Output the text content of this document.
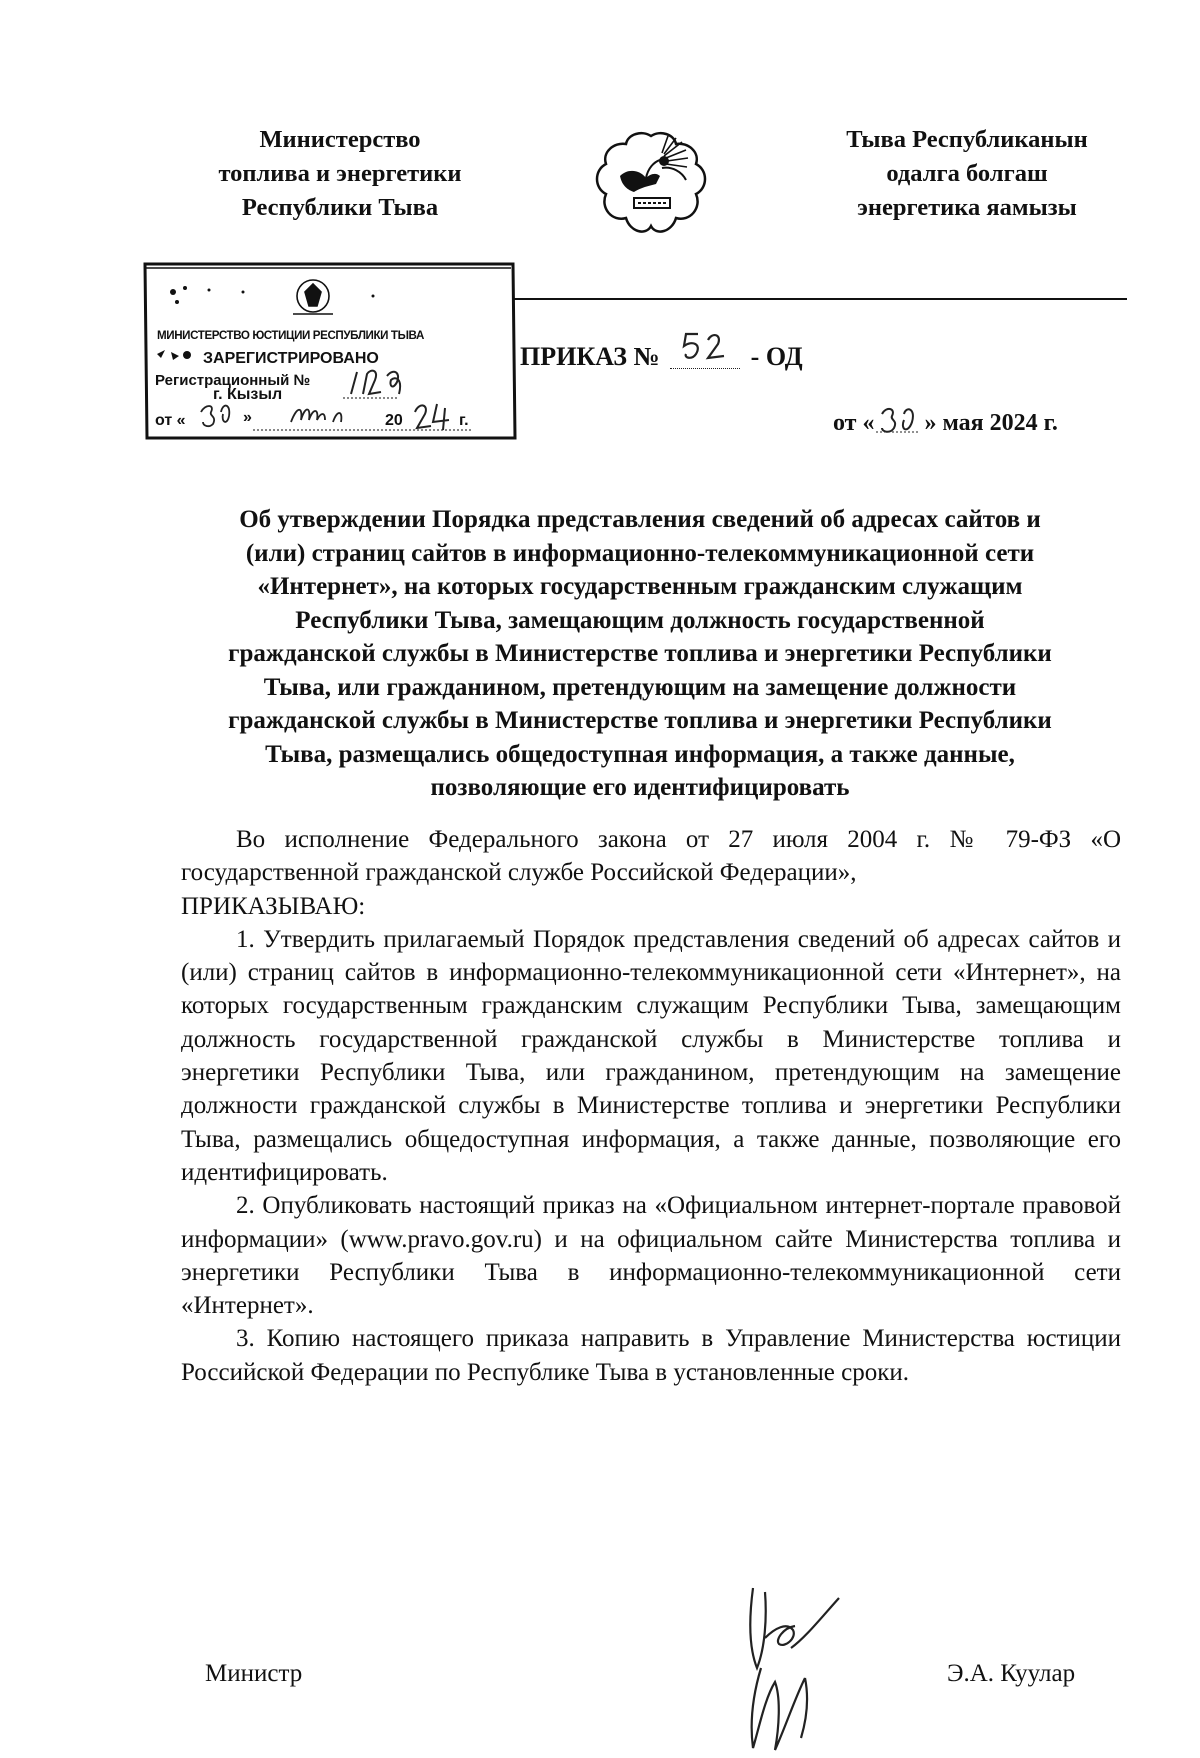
Министерство
топлива и энергетики
Республики Тыва
Тыва Республиканын
одалга болгаш
энергетика яамызы
МИНИСТЕРСТВО ЮСТИЦИИ РЕСПУБЛИКИ ТЫВА
ЗАРЕГИСТРИРОВАНО
Регистрационный №
г. Кызыл
от «	»	20	г.
ПРИКАЗ №	- ОД
от « » мая 2024 г.
Об утверждении Порядка представления сведений об адресах сайтов и
(или) страниц сайтов в информационно-телекоммуникационной сети
«Интернет», на которых государственным гражданским служащим
Республики Тыва, замещающим должность государственной
гражданской службы в Министерстве топлива и энергетики Республики
Тыва, или гражданином, претендующим на замещение должности
гражданской службы в Министерстве топлива и энергетики Республики
Тыва, размещались общедоступная информация, а также данные,
позволяющие его идентифицировать

Во исполнение Федерального закона от 27 июля 2004 г. № 79-ФЗ «О государственной гражданской службе Российской Федерации»,

ПРИКАЗЫВАЮ:

1. Утвердить прилагаемый Порядок представления сведений об адресах сайтов и (или) страниц сайтов в информационно-телекоммуникационной сети «Интернет», на которых государственным гражданским служащим Республики Тыва, замещающим должность государственной гражданской службы в Министерстве топлива и энергетики Республики Тыва, или гражданином, претендующим на замещение должности гражданской службы в Министерстве топлива и энергетики Республики Тыва, размещались общедоступная информация, а также данные, позволяющие его идентифицировать.

2. Опубликовать настоящий приказ на «Официальном интернет-портале правовой информации» (www.pravo.gov.ru) и на официальном сайте Министерства топлива и энергетики Республики Тыва в информационно-телекоммуникационной сети «Интернет».

3. Копию настоящего приказа направить в Управление Министерства юстиции Российской Федерации по Республике Тыва в установленные сроки.

Министр	Э.А. Куулар
